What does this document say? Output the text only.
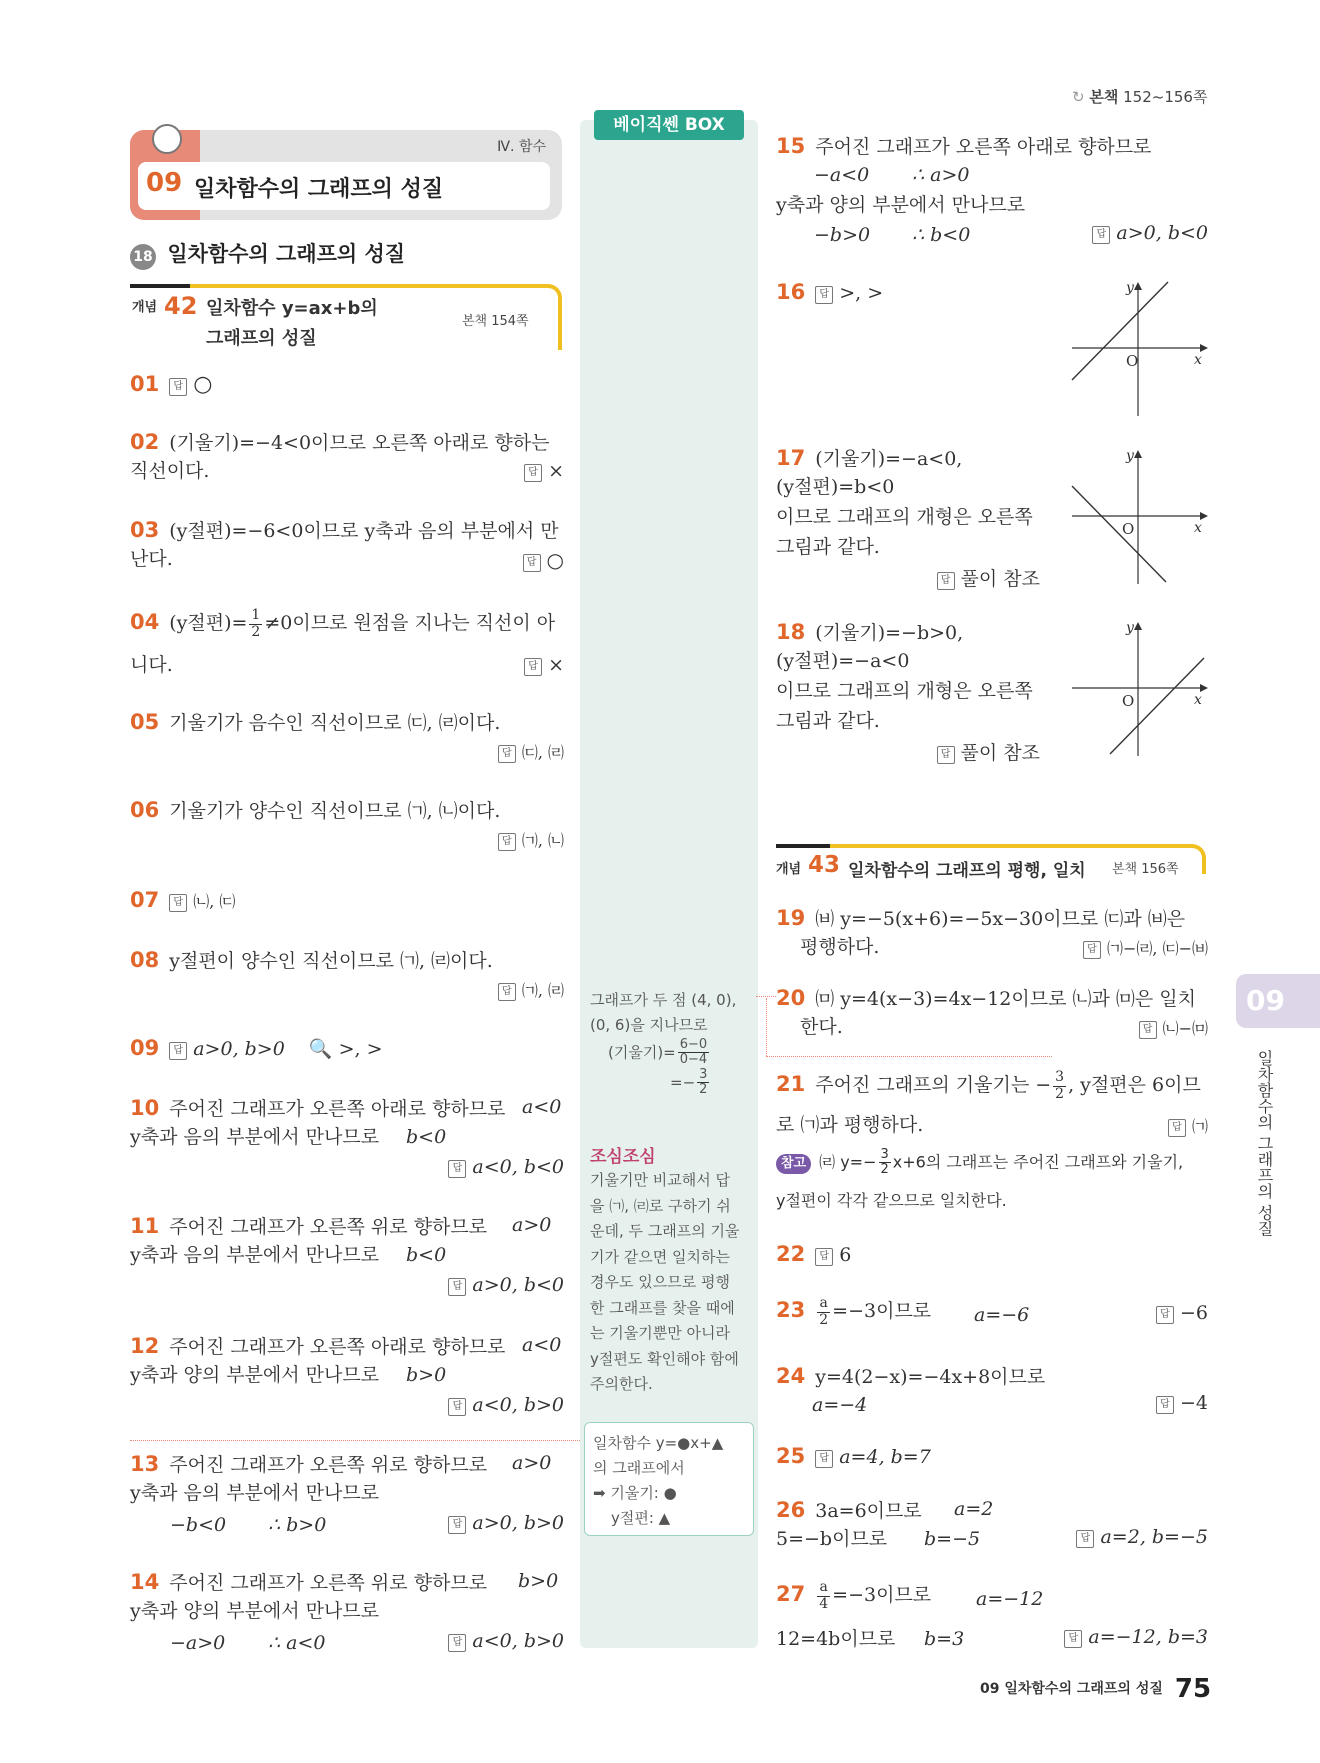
↻ 본책 152~156쪽
Ⅳ. 함수
09 일차함수의 그래프의 성질
18 일차함수의 그래프의 성질
개념 42 일차함수 y=ax+b의
그래프의 성질
본책 154쪽
01 답 ○
02 (기울기)=−4<0이므로 오른쪽 아래로 향하는
직선이다.	답 ×
03 (y절편)=−6<0이므로 y축과 음의 부분에서 만
난다.	답 ○
04 (y절편)= $\frac{1}{2} \ne 0$이므로 원점을 지나는 직선이 아
니다.	답 ×
05 기울기가 음수인 직선이므로 ㈂, ㈃이다.
답 ㈂, ㈃
06 기울기가 양수인 직선이므로 ㈀, ㈁이다.
답 ㈀, ㈁
07 답 ㈁, ㈂
08 y절편이 양수인 직선이므로 ㈀, ㈃이다.
답 ㈀, ㈃
09 답 a>0, b>0 🔍 >, >
10 주어진 그래프가 오른쪽 아래로 향하므로 a<0
y축과 음의 부분에서 만나므로 b<0
답 a<0, b<0
11 주어진 그래프가 오른쪽 위로 향하므로 a>0
y축과 음의 부분에서 만나므로 b<0
답 a>0, b<0
12 주어진 그래프가 오른쪽 아래로 향하므로 a<0
y축과 양의 부분에서 만나므로 b>0
답 a<0, b>0
13 주어진 그래프가 오른쪽 위로 향하므로 a>0
y축과 음의 부분에서 만나므로
−b<0 ∴ b>0	답 a>0, b>0
14 주어진 그래프가 오른쪽 위로 향하므로 b>0
y축과 양의 부분에서 만나므로
−a>0 ∴ a<0	답 a<0, b>0
베이직쎈 BOX
그래프가 두 점 (4, 0),
(0, 6)을 지나므로
(기울기)= $\frac{6-0}{0-4}$
=− $\frac{3}{2}$
조심조심
기울기만 비교해서 답
을 ㈀, ㈃로 구하기 쉬
운데, 두 그래프의 기울
기가 같으면 일치하는
경우도 있으므로 평행
한 그래프를 찾을 때에
는 기울기뿐만 아니라
y절편도 확인해야 함에
주의한다.
일차함수 y=●x+▲
의 그래프에서
➡ 기울기: ●
y절편: ▲
15 주어진 그래프가 오른쪽 아래로 향하므로
−a<0 ∴ a>0
y축과 양의 부분에서 만나므로
−b>0 ∴ b<0	답 a>0, b<0
16 답 >, >
O	x
y
17 (기울기)=−a<0,
(y절편)=b<0
이므로 그래프의 개형은 오른쪽
그림과 같다.
답 풀이 참조
O	x
y
18 (기울기)=−b>0,
(y절편)=−a<0
이므로 그래프의 개형은 오른쪽
그림과 같다.
답 풀이 참조
O	x
y
개념 43 일차함수의 그래프의 평행, 일치 본책 156쪽
19 ㈅ y=−5(x+6)=−5x−30이므로 ㈂과 ㈅은
평행하다.	답 ㈀−㈃, ㈂−㈅
20 ㈄ y=4(x−3)=4x−12이므로 ㈁과 ㈄은 일치
한다.	답 ㈁−㈄
21 주어진 그래프의 기울기는 − $\frac{3}{2}$ , y절편은 6이므
로 ㈀과 평행하다.	답 ㈀
참고 ㈃ $y=- \frac{3}{2} x+6$의 그래프는 주어진 그래프와 기울기,
y절편이 각각 같으므로 일치한다.
22 답 6
$23 \frac{a}{2} =-3$이므로 a=−6	답 −6
24 y=4(2−x)=−4x+8이므로
a=−4	답 −4
25 답 a=4, b=7
26 3a=6이므로 a=2
5=−b이므로 b=−5	답 a=2, b=−5
$27 \frac{a}{4} =-3$이므로 a=−12
12=4b이므로 b=3	답 a=−12, b=3
09
일차함수의 그래프의 성질
$^{09 일차함수의 그래프의 성질}$ 75
